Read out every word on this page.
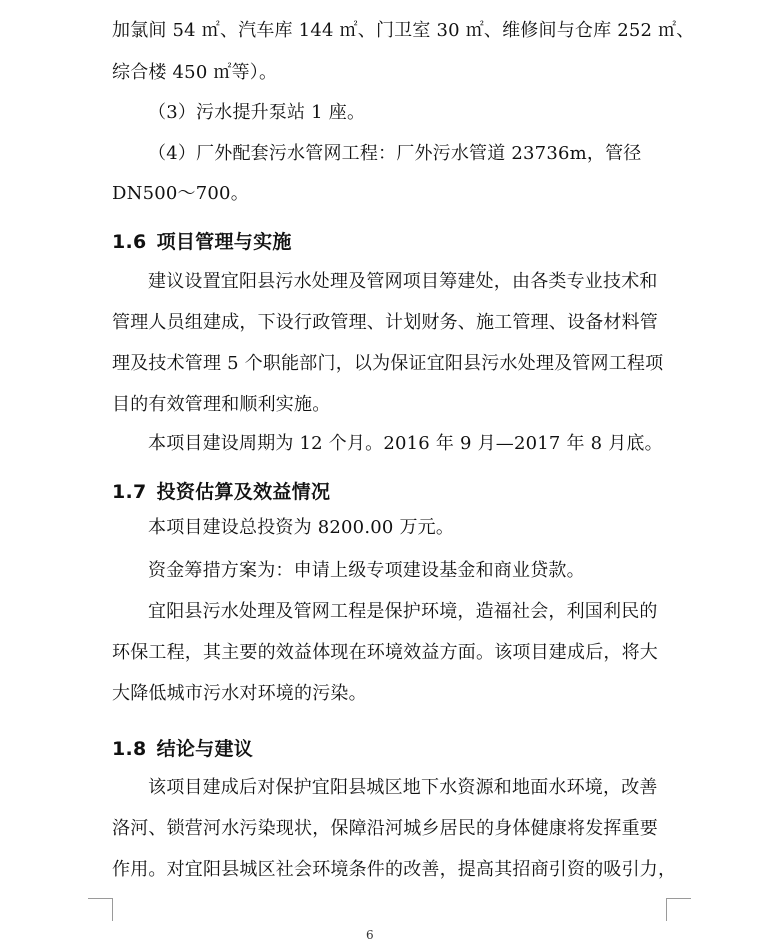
加氯间 54 ㎡、汽车库 144 ㎡、门卫室 30 ㎡、维修间与仓库 252 ㎡、
综合楼 450 ㎡等）。
（3）污水提升泵站 1 座。
（4）厂外配套污水管网工程：厂外污水管道 23736m，管径
DN500～700。
1.6 项目管理与实施
建议设置宜阳县污水处理及管网项目筹建处，由各类专业技术和
管理人员组建成，下设行政管理、计划财务、施工管理、设备材料管
理及技术管理 5 个职能部门，以为保证宜阳县污水处理及管网工程项
目的有效管理和顺利实施。
本项目建设周期为 12 个月。2016 年 9 月—2017 年 8 月底。
1.7 投资估算及效益情况
本项目建设总投资为 8200.00 万元。
资金筹措方案为：申请上级专项建设基金和商业贷款。
宜阳县污水处理及管网工程是保护环境，造福社会，利国利民的
环保工程，其主要的效益体现在环境效益方面。该项目建成后，将大
大降低城市污水对环境的污染。
1.8 结论与建议
该项目建成后对保护宜阳县城区地下水资源和地面水环境，改善
洛河、锁营河水污染现状，保障沿河城乡居民的身体健康将发挥重要
作用。对宜阳县城区社会环境条件的改善，提高其招商引资的吸引力，
6
